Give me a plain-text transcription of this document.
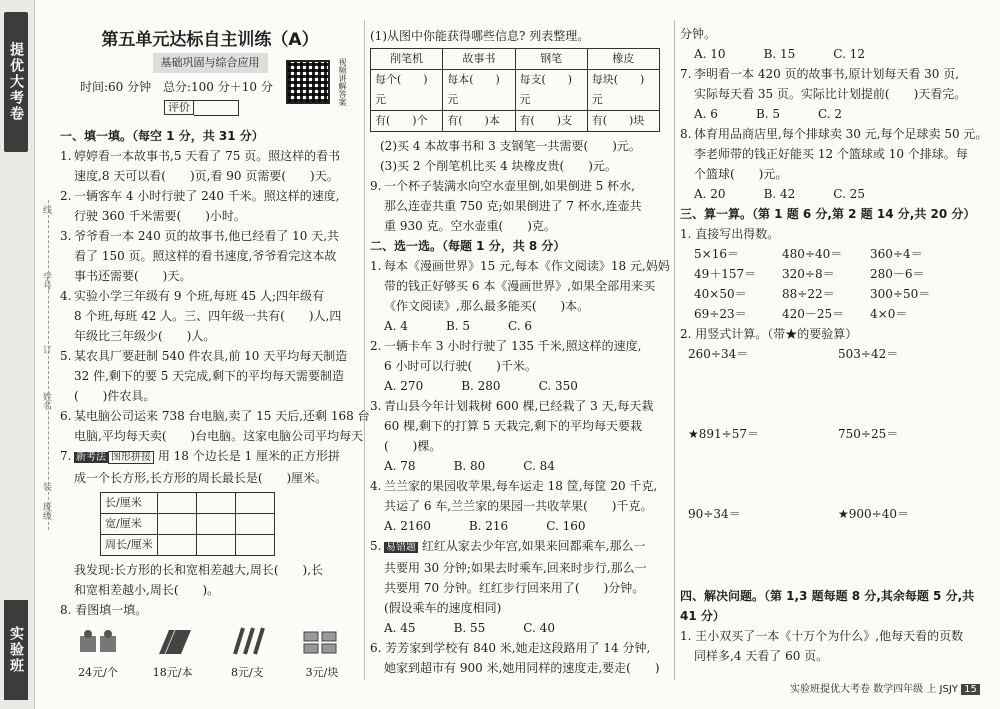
提优大考卷
实验班
学号
姓名
班级
线
订
装
第五单元达标自主训练（A）
基础巩固与综合应用
时间:60 分钟 总分:100 分＋10 分
评价
视频讲解答案
一、填一填。（每空 1 分，共 31 分）
1. 婷婷看一本故事书,5 天看了 75 页。照这样的看书
速度,8 天可以看(　　)页,看 90 页需要(　　)天。
2. 一辆客车 4 小时行驶了 240 千米。照这样的速度,
行驶 360 千米需要(　　)小时。
3. 爷爷看一本 240 页的故事书,他已经看了 10 天,共
看了 150 页。照这样的看书速度,爷爷看完这本故
事书还需要(　　)天。
4. 实验小学三年级有 9 个班,每班 45 人;四年级有
8 个班,每班 42 人。三、四年级一共有(　　)人,四
年级比三年级少(　　)人。
5. 某农具厂要赶制 540 件农具,前 10 天平均每天制造
32 件,剩下的要 5 天完成,剩下的平均每天需要制造
(　　)件农具。
6. 某电脑公司运来 738 台电脑,卖了 15 天后,还剩 168 台
电脑,平均每天卖(　　)台电脑。这家电脑公司平均每天
7. 新考法 图形拼接 用 18 个边长是 1 厘米的正方形拼
成一个长方形,长方形的周长最长是(　　)厘米。
长/厘米			
宽/厘米			
周长/厘米			
我发现:长方形的长和宽相差越大,周长(　　),长
和宽相差越小,周长(　　)。
8. 看图填一填。
24元/个	18元/本	8元/支	3元/块
(1)从图中你能获得哪些信息? 列表整理。
削笔机	故事书	钢笔	橡皮
每个(　　)元	每本(　　)元	每支(　　)元	每块(　　)元
有(　　)个	有(　　)本	有(　　)支	有(　　)块
(2)买 4 本故事书和 3 支钢笔一共需要(　　)元。
(3)买 2 个削笔机比买 4 块橡皮贵(　　)元。
9. 一个杯子装满水向空水壶里倒,如果倒进 5 杯水,
那么连壶共重 750 克;如果倒进了 7 杯水,连壶共
重 930 克。空水壶重(　　)克。
二、选一选。（每题 1 分，共 8 分）
1. 每本《漫画世界》15 元,每本《作文阅读》18 元,妈妈
带的钱正好够买 6 本《漫画世界》,如果全部用来买
《作文阅读》,那么最多能买(　　)本。
A. 4	B. 5	C. 6
2. 一辆卡车 3 小时行驶了 135 千米,照这样的速度,
6 小时可以行驶(　　)千米。
A. 270	B. 280	C. 350
3. 青山县今年计划栽树 600 棵,已经栽了 3 天,每天栽
60 棵,剩下的打算 5 天栽完,剩下的平均每天要栽
(　　)棵。
A. 78	B. 80	C. 84
4. 兰兰家的果园收苹果,每车运走 18 筐,每筐 20 千克,
共运了 6 车,兰兰家的果园一共收苹果(　　)千克。
A. 2160	B. 216	C. 160
5. 易错题 红红从家去少年宫,如果来回都乘车,那么一
共要用 30 分钟;如果去时乘车,回来时步行,那么一
共要用 70 分钟。红红步行回来用了(　　)分钟。
(假设乘车的速度相同)
A. 45	B. 55	C. 40
6. 芳芳家到学校有 840 米,她走这段路用了 14 分钟,
她家到超市有 900 米,她用同样的速度走,要走(　　)
分钟。
A. 10	B. 15	C. 12
7. 李明看一本 420 页的故事书,原计划每天看 30 页,
实际每天看 35 页。实际比计划提前(　　)天看完。
A. 6	B. 5	C. 2
8. 体育用品商店里,每个排球卖 30 元,每个足球卖 50 元。
李老师带的钱正好能买 12 个篮球或 10 个排球。每
个篮球(　　)元。
A. 20	B. 42	C. 25
三、算一算。（第 1 题 6 分,第 2 题 14 分,共 20 分）
1. 直接写出得数。
5×16＝	480÷40＝	360÷4＝
49＋157＝	320÷8＝	280－6＝
40×50＝	88÷22＝	300÷50＝
69÷23＝	420－25＝	4×0＝
2. 用竖式计算。（带★的要验算）
260÷34＝	503÷42＝
★891÷57＝	750÷25＝
90÷34＝	★900÷40＝
四、解决问题。（第 1,3 题每题 8 分,其余每题 5 分,共
41 分）
1. 王小双买了一本《十万个为什么》,他每天看的页数
同样多,4 天看了 60 页。
实验班提优大考卷 数学四年级 上 JSJY 15
